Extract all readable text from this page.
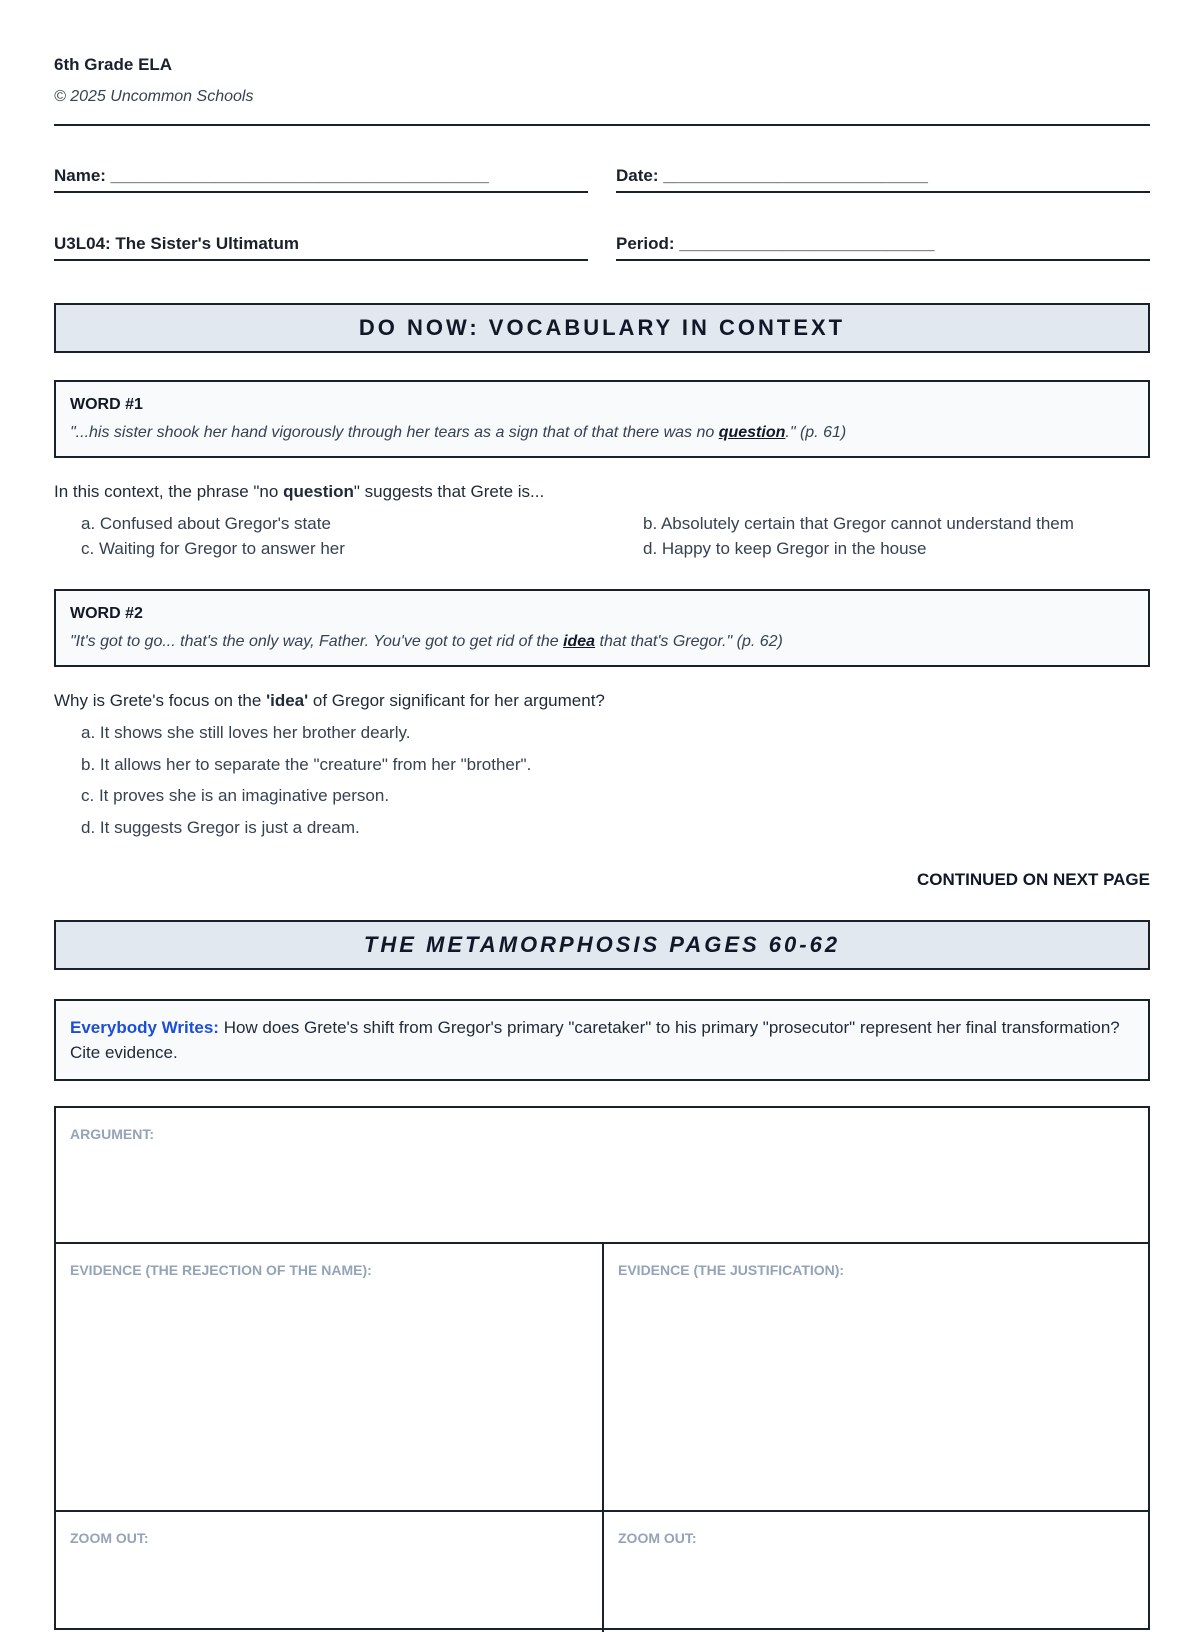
6th Grade ELA
© 2025 Uncommon Schools
Name: ________________________________________	Date: ____________________________
U3L04: The Sister's Ultimatum	Period: ___________________________
DO NOW: VOCABULARY IN CONTEXT
WORD #1
"...his sister shook her hand vigorously through her tears as a sign that of that there was no question." (p. 61)
In this context, the phrase "no question" suggests that Grete is...
a. Confused about Gregor's state	b. Absolutely certain that Gregor cannot understand them
c. Waiting for Gregor to answer her	d. Happy to keep Gregor in the house
WORD #2
"It's got to go... that's the only way, Father. You've got to get rid of the idea that that's Gregor." (p. 62)
Why is Grete's focus on the 'idea' of Gregor significant for her argument?
a. It shows she still loves her brother dearly.
b. It allows her to separate the "creature" from her "brother".
c. It proves she is an imaginative person.
d. It suggests Gregor is just a dream.
CONTINUED ON NEXT PAGE
THE METAMORPHOSIS PAGES 60-62
Everybody Writes: How does Grete's shift from Gregor's primary "caretaker" to his primary "prosecutor" represent her final transformation? Cite evidence.
ARGUMENT:
EVIDENCE (THE REJECTION OF THE NAME):	EVIDENCE (THE JUSTIFICATION):
ZOOM OUT:	ZOOM OUT:
